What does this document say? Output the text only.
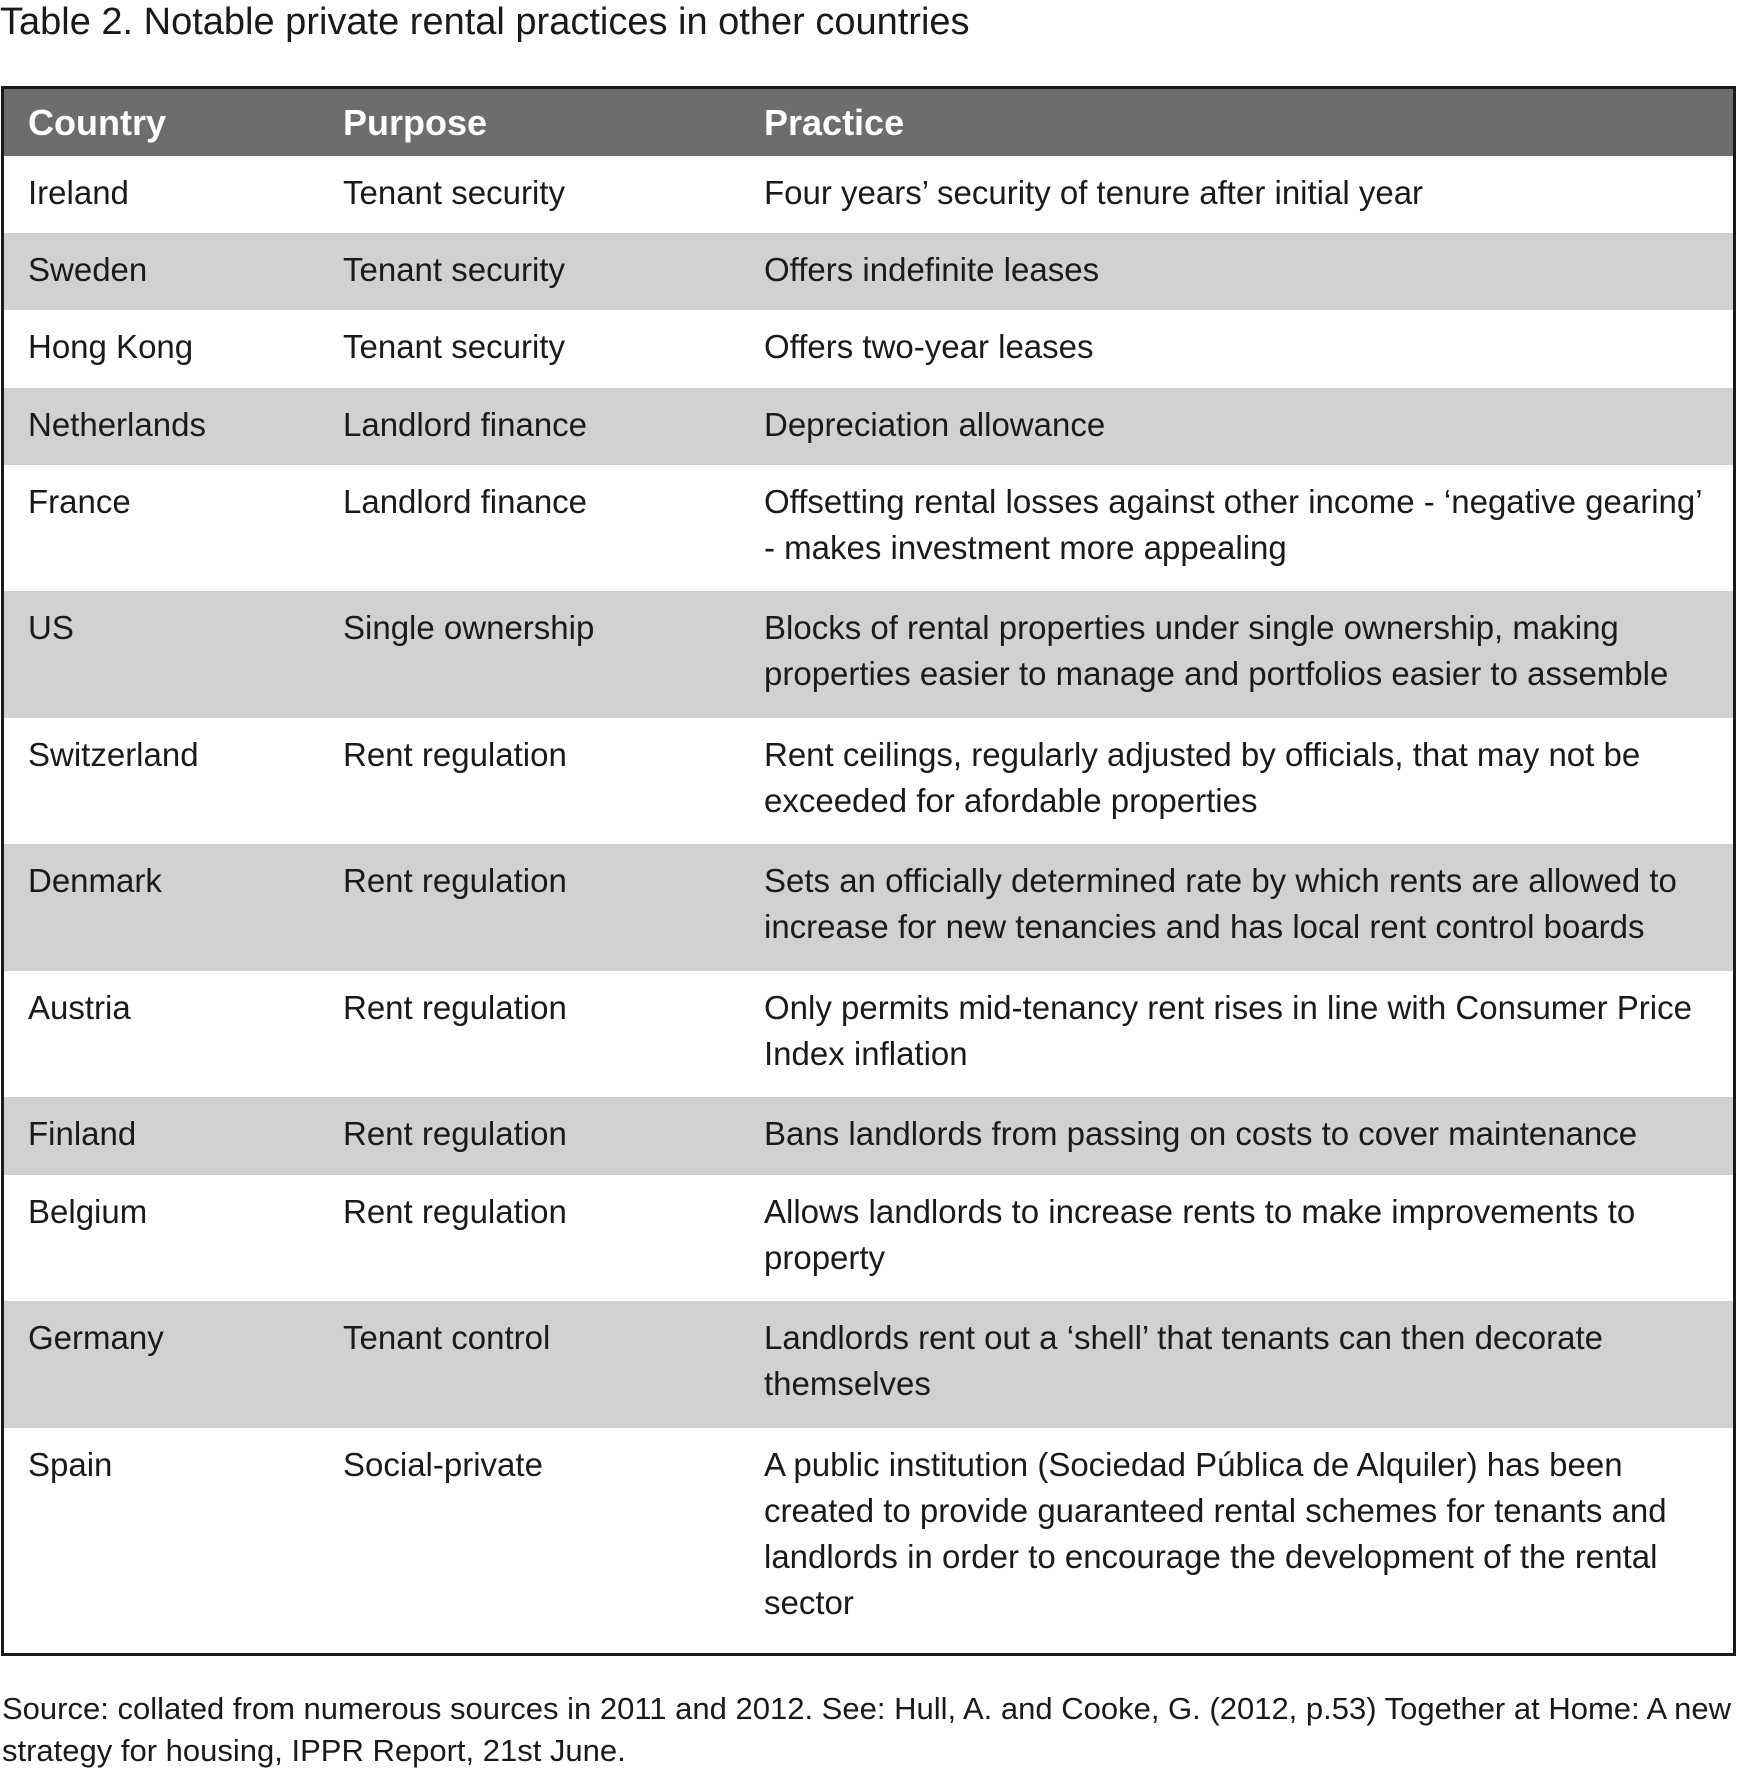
Table 2. Notable private rental practices in other countries
Country	Purpose	Practice
Ireland	Tenant security	Four years’ security of tenure after initial year
Sweden	Tenant security	Offers indefinite leases
Hong Kong	Tenant security	Offers two-year leases
Netherlands	Landlord finance	Depreciation allowance
France	Landlord finance	Offsetting rental losses against other income - ‘negative gearing’ - makes investment more appealing
US	Single ownership	Blocks of rental properties under single ownership, making properties easier to manage and portfolios easier to assemble
Switzerland	Rent regulation	Rent ceilings, regularly adjusted by officials, that may not be exceeded for afordable properties
Denmark	Rent regulation	Sets an officially determined rate by which rents are allowed to increase for new tenancies and has local rent control boards
Austria	Rent regulation	Only permits mid-tenancy rent rises in line with Consumer Price Index inflation
Finland	Rent regulation	Bans landlords from passing on costs to cover maintenance
Belgium	Rent regulation	Allows landlords to increase rents to make improvements to property
Germany	Tenant control	Landlords rent out a ‘shell’ that tenants can then decorate themselves
Spain	Social-private	A public institution (Sociedad Pública de Alquiler) has been created to provide guaranteed rental schemes for tenants and landlords in order to encourage the development of the rental sector
Source: collated from numerous sources in 2011 and 2012. See: Hull, A. and Cooke, G. (2012, p.53) Together at Home: A new strategy for housing, IPPR Report, 21st June.
